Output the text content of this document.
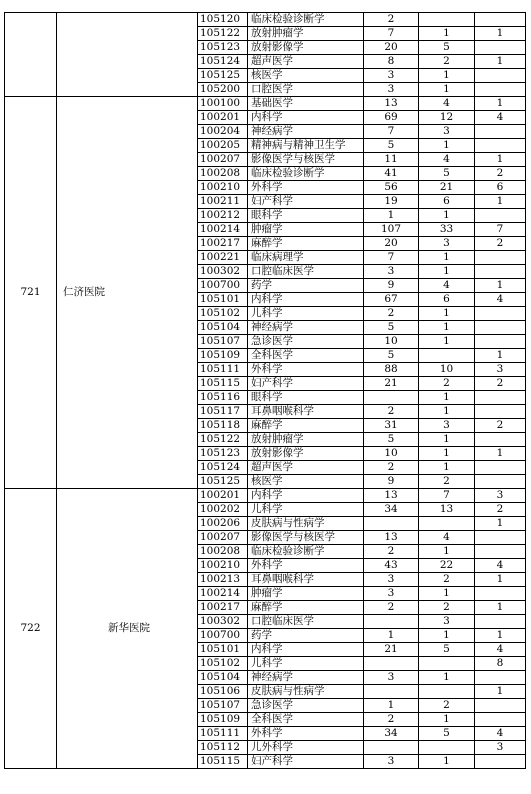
		105120	临床检验诊断学	2		
		105122	放射肿瘤学	7	1	1
		105123	放射影像学	20	5	
		105124	超声医学	8	2	1
		105125	核医学	3	1	
		105200	口腔医学	3	1	
721	仁济医院	100100	基础医学	13	4	1
		100201	内科学	69	12	4
		100204	神经病学	7	3	
		100205	精神病与精神卫生学	5	1	
		100207	影像医学与核医学	11	4	1
		100208	临床检验诊断学	41	5	2
		100210	外科学	56	21	6
		100211	妇产科学	19	6	1
		100212	眼科学	1	1	
		100214	肿瘤学	107	33	7
		100217	麻醉学	20	3	2
		100221	临床病理学	7	1	
		100302	口腔临床医学	3	1	
		100700	药学	9	4	1
		105101	内科学	67	6	4
		105102	儿科学	2	1	
		105104	神经病学	5	1	
		105107	急诊医学	10	1	
		105109	全科医学	5		1
		105111	外科学	88	10	3
		105115	妇产科学	21	2	2
		105116	眼科学		1	
		105117	耳鼻咽喉科学	2	1	
		105118	麻醉学	31	3	2
		105122	放射肿瘤学	5	1	
		105123	放射影像学	10	1	1
		105124	超声医学	2	1	
		105125	核医学	9	2	
722	新华医院	100201	内科学	13	7	3
		100202	儿科学	34	13	2
		100206	皮肤病与性病学			1
		100207	影像医学与核医学	13	4	
		100208	临床检验诊断学	2	1	
		100210	外科学	43	22	4
		100213	耳鼻咽喉科学	3	2	1
		100214	肿瘤学	3	1	
		100217	麻醉学	2	2	1
		100302	口腔临床医学		3	
		100700	药学	1	1	1
		105101	内科学	21	5	4
		105102	儿科学			8
		105104	神经病学	3	1	
		105106	皮肤病与性病学			1
		105107	急诊医学	1	2	
		105109	全科医学	2	1	
		105111	外科学	34	5	4
		105112	儿外科学			3
		105115	妇产科学	3	1	
